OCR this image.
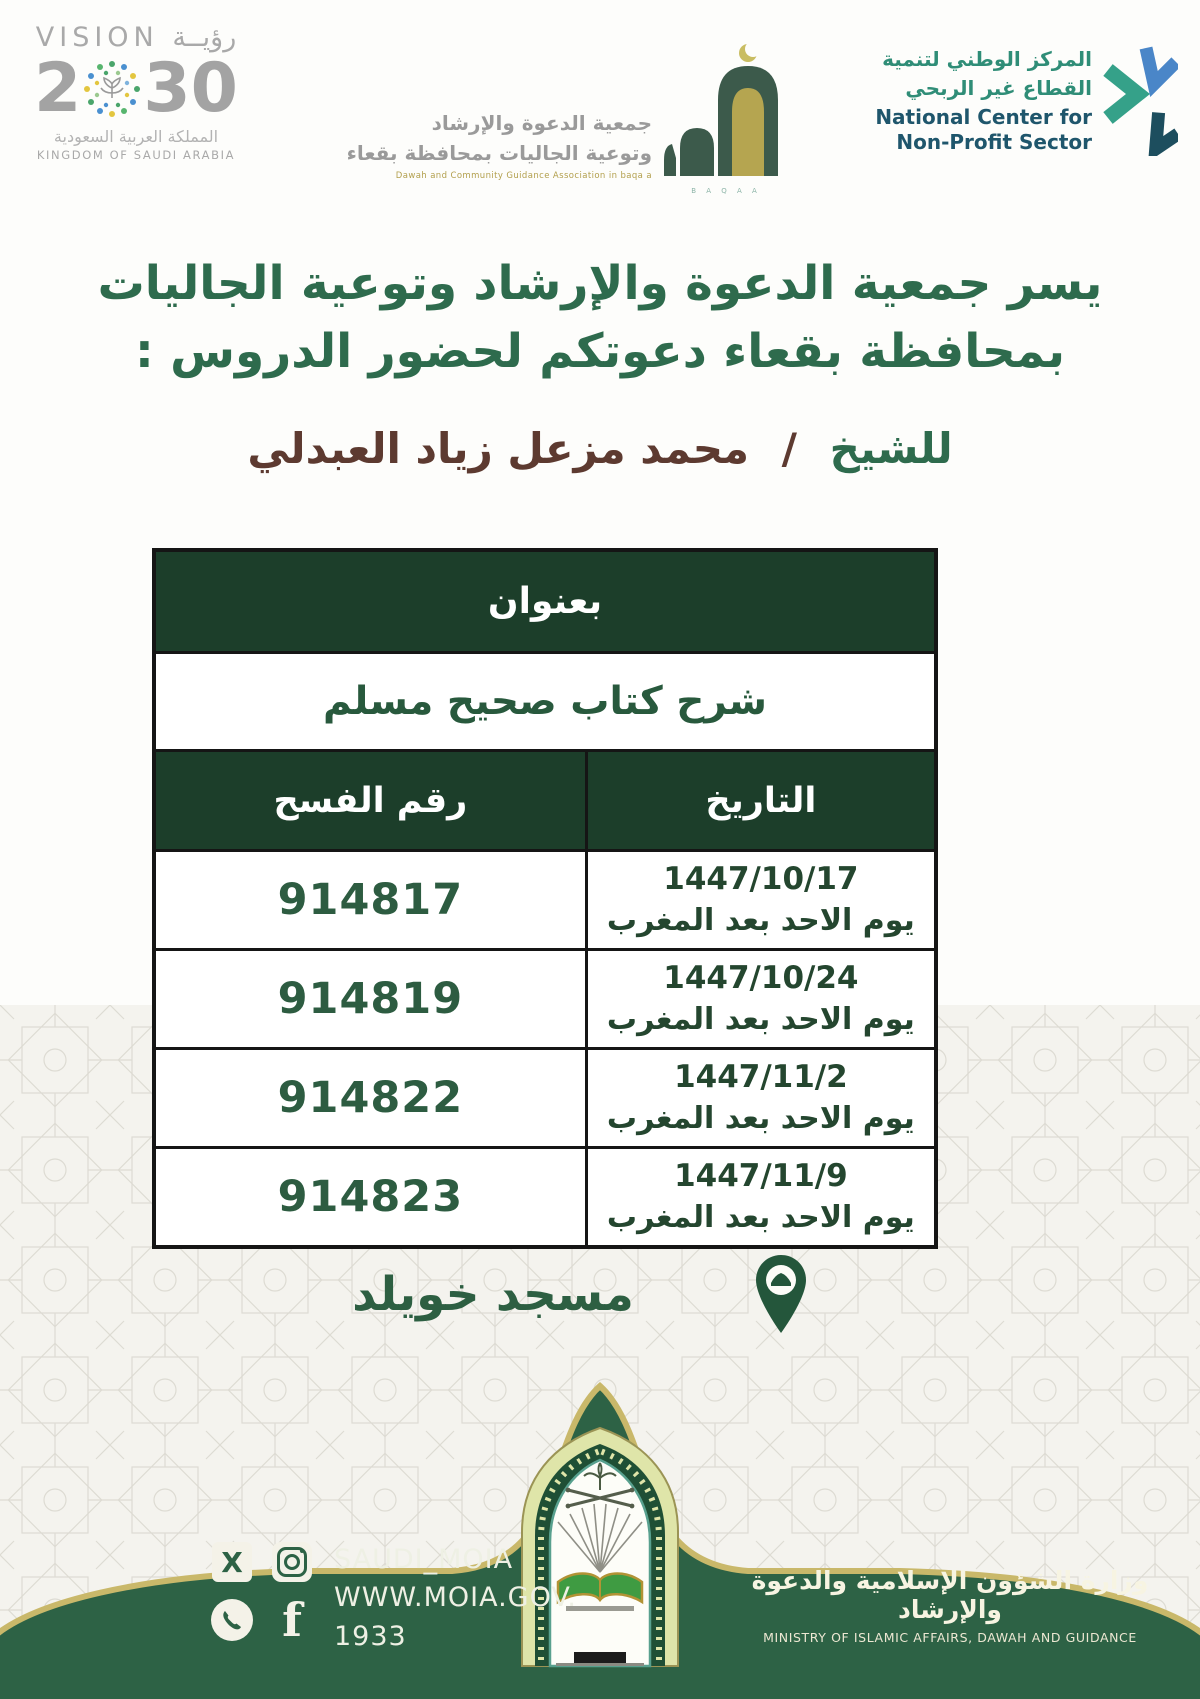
VISION رؤيــة
2 30
المملكة العربية السعودية
KINGDOM OF SAUDI ARABIA
جمعية الدعوة والإرشاد
وتوعية الجاليات بمحافظة بقعاء
Dawah and Community Guidance Association in baqa a
B A Q A A
المركز الوطني لتنمية
القطاع غير الربحي
National Center for
Non-Profit Sector
يسر جمعية الدعوة والإرشاد وتوعية الجاليات
بمحافظة بقعاء دعوتكم لحضور الدروس :
للشيخ / محمد مزعل زياد العبدلي
بعنوان
شرح كتاب صحيح مسلم
رقم الفسح	التاريخ
914817	1447/10/17
يوم الاحد بعد المغرب
914819	1447/10/24
يوم الاحد بعد المغرب
914822	1447/11/2
يوم الاحد بعد المغرب
914823	1447/11/9
يوم الاحد بعد المغرب
مسجد خويلد
X
f
SAUDI_MOIA
WWW.MOIA.GOV.
1933
وزارة الشؤون الإسلامية والدعوة والإرشاد
MINISTRY OF ISLAMIC AFFAIRS, DAWAH AND GUIDANCE
